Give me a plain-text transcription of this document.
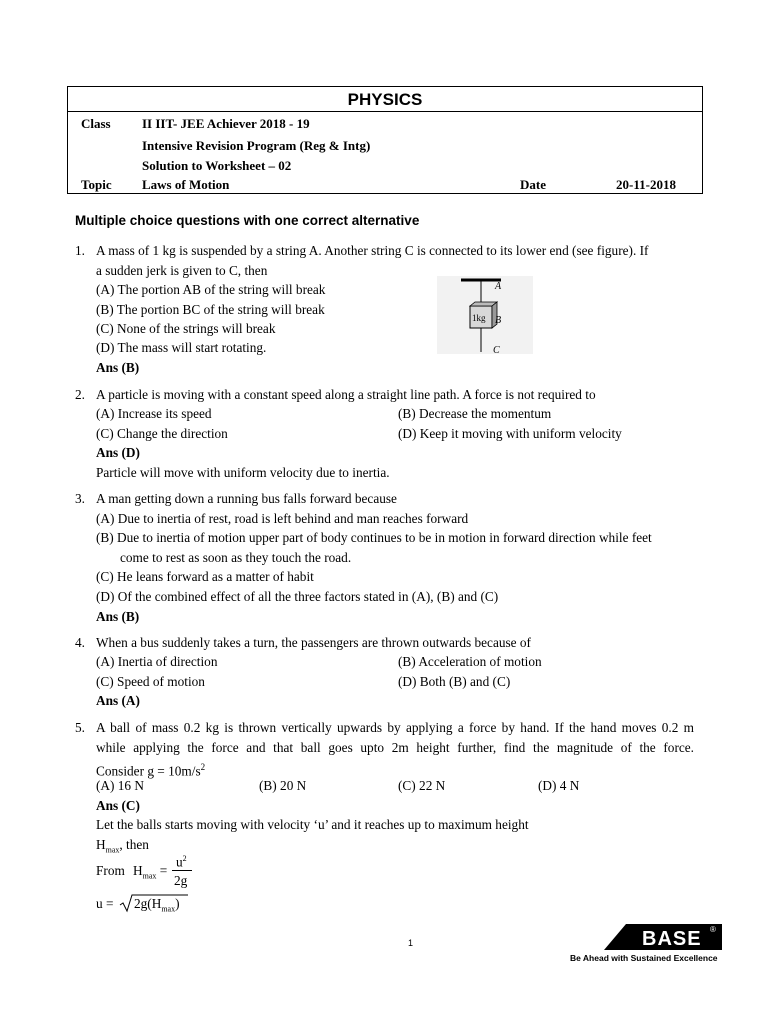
PHYSICS
Class II IIT- JEE Achiever 2018 - 19
Intensive Revision Program (Reg & Intg)
Solution to Worksheet – 02
Topic Laws of Motion	Date	20-11-2018
Multiple choice questions with one correct alternative
1. A mass of 1 kg is suspended by a string A. Another string C is connected to its lower end (see figure). If
a sudden jerk is given to C, then
(A) The portion AB of the string will break
(B) The portion BC of the string will break
(C) None of the strings will break
(D) The mass will start rotating.
Ans (B)
A
B
C
1kg
2. A particle is moving with a constant speed along a straight line path. A force is not required to
(A) Increase its speed	(B) Decrease the momentum
(C) Change the direction	(D) Keep it moving with uniform velocity
Ans (D)
Particle will move with uniform velocity due to inertia.
3. A man getting down a running bus falls forward because
(A) Due to inertia of rest, road is left behind and man reaches forward
(B) Due to inertia of motion upper part of body continues to be in motion in forward direction while feet
come to rest as soon as they touch the road.
(C) He leans forward as a matter of habit
(D) Of the combined effect of all the three factors stated in (A), (B) and (C)
Ans (B)
4. When a bus suddenly takes a turn, the passengers are thrown outwards because of
(A) Inertia of direction	(B) Acceleration of motion
(C) Speed of motion	(D) Both (B) and (C)
Ans (A)
5. A ball of mass 0.2 kg is thrown vertically upwards by applying a force by hand. If the hand moves 0.2 m
while applying the force and that ball goes upto 2m height further, find the magnitude of the force.
Consider $g = 10m/s^2$
(A) 16 N	(B) 20 N	(C) 22 N	(D) 4 N
Ans (C)
Let the balls starts moving with velocity ‘u’ and it reaches up to maximum height
$H_{max}$, then
From $H_{max}$ =
$u^2$
2g
$u = 2g(H_{max})$
1	BASE ®
Be Ahead with Sustained Excellence
